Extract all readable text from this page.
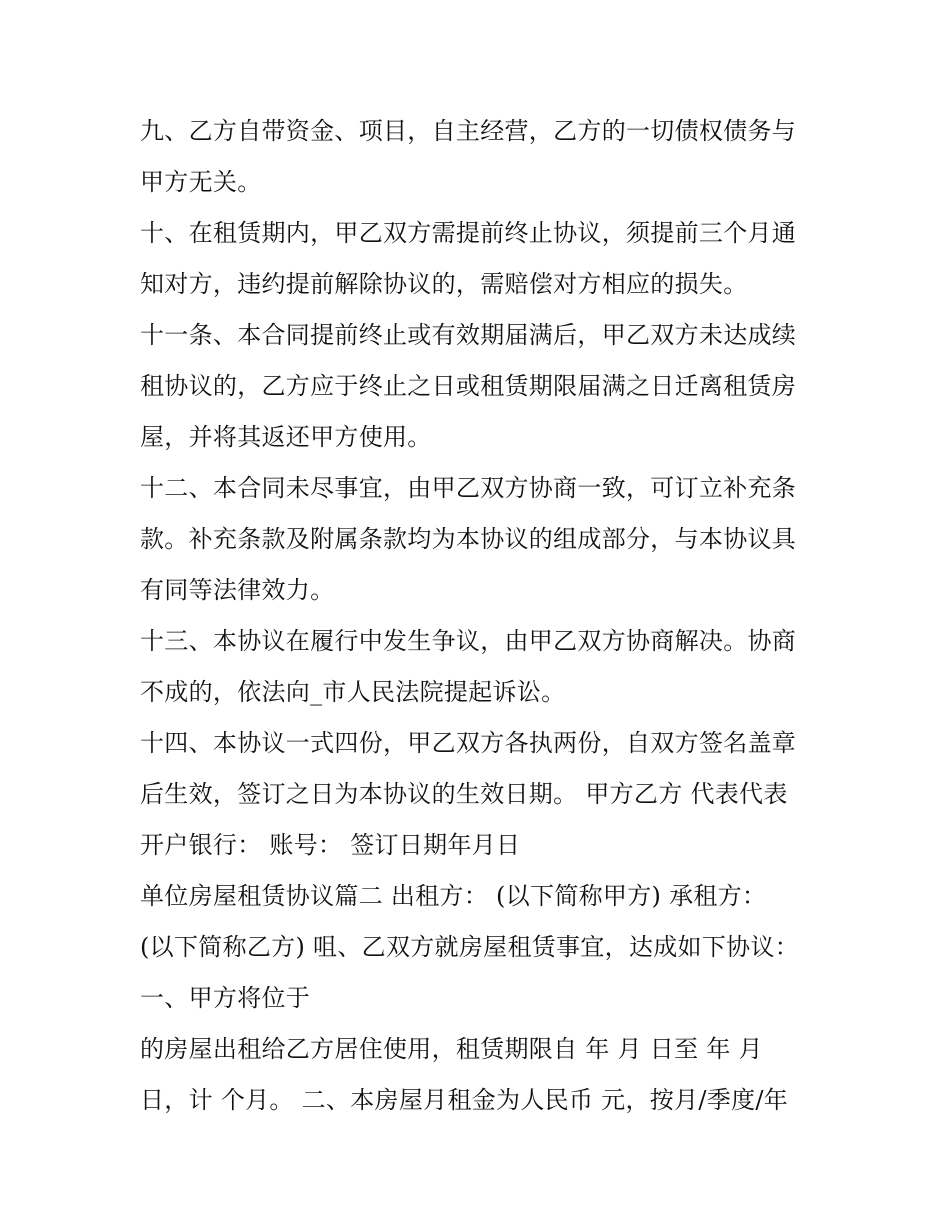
九、乙方自带资金、项目，自主经营，乙方的一切债权债务与
甲方无关。
十、在租赁期内，甲乙双方需提前终止协议，须提前三个月通
知对方，违约提前解除协议的，需赔偿对方相应的损失。
十一条、本合同提前终止或有效期届满后，甲乙双方未达成续
租协议的，乙方应于终止之日或租赁期限届满之日迁离租赁房
屋，并将其返还甲方使用。
十二、本合同未尽事宜，由甲乙双方协商一致，可订立补充条
款。补充条款及附属条款均为本协议的组成部分，与本协议具
有同等法律效力。
十三、本协议在履行中发生争议，由甲乙双方协商解决。协商
不成的，依法向_市人民法院提起诉讼。
十四、本协议一式四份，甲乙双方各执两份，自双方签名盖章
后生效，签订之日为本协议的生效日期。 甲方乙方 代表代表
开户银行： 账号： 签订日期年月日
单位房屋租赁协议篇二 出租方： (以下简称甲方) 承租方：
(以下简称乙方) 咀、乙双方就房屋租赁事宜，达成如下协议：
一、甲方将位于
的房屋出租给乙方居住使用，租赁期限自 年 月 日至 年 月
日，计 个月。 二、本房屋月租金为人民币 元，按月/季度/年
